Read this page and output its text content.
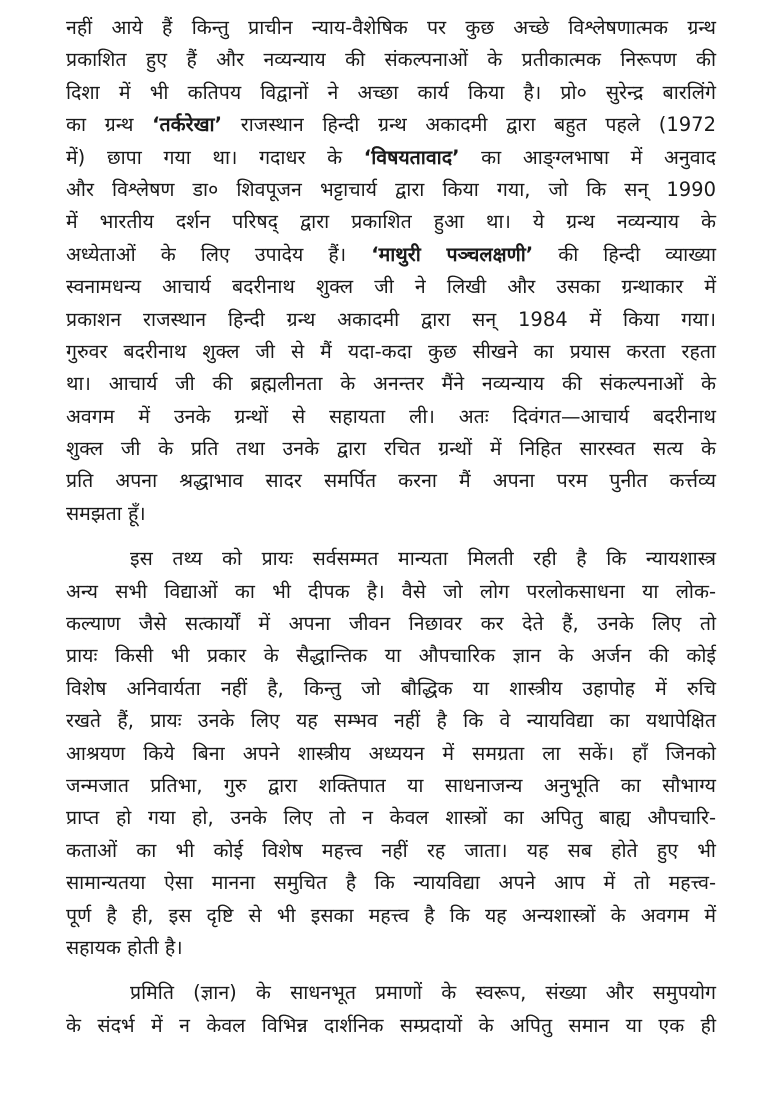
नहीं आये हैं किन्तु प्राचीन न्याय-वैशेषिक पर कुछ अच्छे विश्लेषणात्मक ग्रन्थ
प्रकाशित हुए हैं और नव्यन्याय की संकल्पनाओं के प्रतीकात्मक निरूपण की
दिशा में भी कतिपय विद्वानों ने अच्छा कार्य किया है। प्रो० सुरेन्द्र बारलिंगे
का ग्रन्थ ‘तर्करेखा’ राजस्थान हिन्दी ग्रन्थ अकादमी द्वारा बहुत पहले (1972
में) छापा गया था। गदाधर के ‘विषयतावाद’ का आङ्ग्लभाषा में अनुवाद
और विश्लेषण डा० शिवपूजन भट्टाचार्य द्वारा किया गया, जो कि सन् 1990
में भारतीय दर्शन परिषद् द्वारा प्रकाशित हुआ था। ये ग्रन्थ नव्यन्याय के
अध्येताओं के लिए उपादेय हैं। ‘माथुरी पञ्चलक्षणी’ की हिन्दी व्याख्या
स्वनामधन्य आचार्य बदरीनाथ शुक्ल जी ने लिखी और उसका ग्रन्थाकार में
प्रकाशन राजस्थान हिन्दी ग्रन्थ अकादमी द्वारा सन् 1984 में किया गया।
गुरुवर बदरीनाथ शुक्ल जी से मैं यदा-कदा कुछ सीखने का प्रयास करता रहता
था। आचार्य जी की ब्रह्मलीनता के अनन्तर मैंने नव्यन्याय की संकल्पनाओं के
अवगम में उनके ग्रन्थों से सहायता ली। अतः दिवंगत—आचार्य बदरीनाथ
शुक्ल जी के प्रति तथा उनके द्वारा रचित ग्रन्थों में निहित सारस्वत सत्य के
प्रति अपना श्रद्धाभाव सादर समर्पित करना मैं अपना परम पुनीत कर्त्तव्य
समझता हूँ।
इस तथ्य को प्रायः सर्वसम्मत मान्यता मिलती रही है कि न्यायशास्त्र
अन्य सभी विद्याओं का भी दीपक है। वैसे जो लोग परलोकसाधना या लोक-
कल्याण जैसे सत्कार्यों में अपना जीवन निछावर कर देते हैं, उनके लिए तो
प्रायः किसी भी प्रकार के सैद्धान्तिक या औपचारिक ज्ञान के अर्जन की कोई
विशेष अनिवार्यता नहीं है, किन्तु जो बौद्धिक या शास्त्रीय उहापोह में रुचि
रखते हैं, प्रायः उनके लिए यह सम्भव नहीं है कि वे न्यायविद्या का यथापेक्षित
आश्रयण किये बिना अपने शास्त्रीय अध्ययन में समग्रता ला सकें। हाँ जिनको
जन्मजात प्रतिभा, गुरु द्वारा शक्तिपात या साधनाजन्य अनुभूति का सौभाग्य
प्राप्त हो गया हो, उनके लिए तो न केवल शास्त्रों का अपितु बाह्य औपचारि-
कताओं का भी कोई विशेष महत्त्व नहीं रह जाता। यह सब होते हुए भी
सामान्यतया ऐसा मानना समुचित है कि न्यायविद्या अपने आप में तो महत्त्व-
पूर्ण है ही, इस दृष्टि से भी इसका महत्त्व है कि यह अन्यशास्त्रों के अवगम में
सहायक होती है।
प्रमिति (ज्ञान) के साधनभूत प्रमाणों के स्वरूप, संख्या और समुपयोग
के संदर्भ में न केवल विभिन्न दार्शनिक सम्प्रदायों के अपितु समान या एक ही
